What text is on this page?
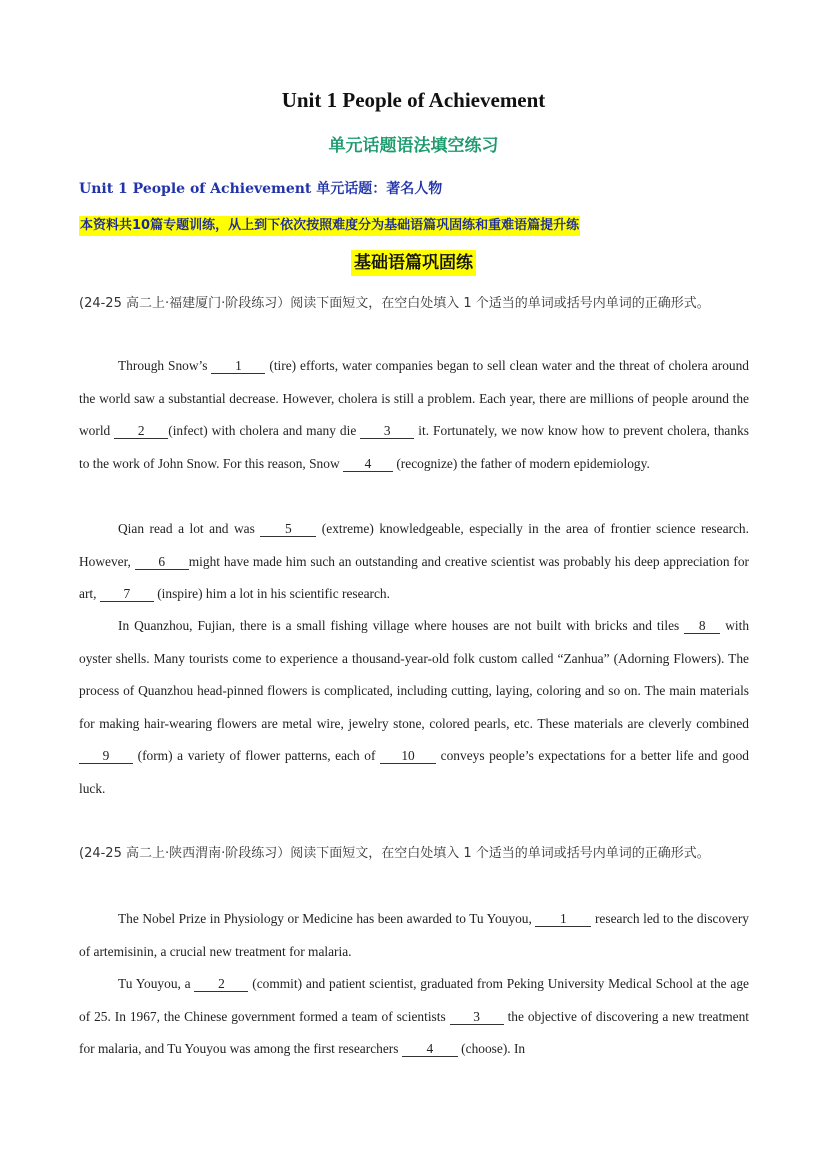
Unit 1 People of Achievement
单元话题语法填空练习
Unit 1 People of Achievement 单元话题：著名人物
本资料共10篇专题训练，从上到下依次按照难度分为基础语篇巩固练和重难语篇提升练
基础语篇巩固练
(24-25 高二上·福建厦门·阶段练习）阅读下面短文，在空白处填入 1 个适当的单词或括号内单词的正确形式。
Through Snow’s 1 (tire) efforts, water companies began to sell clean water and the threat of cholera around the world saw a substantial decrease. However, cholera is still a problem. Each year, there are millions of people around the world 2 (infect) with cholera and many die 3 it. Fortunately, we now know how to prevent cholera, thanks to the work of John Snow. For this reason, Snow 4 (recognize) the father of modern epidemiology.
Qian read a lot and was 5 (extreme) knowledgeable, especially in the area of frontier science research. However, 6 might have made him such an outstanding and creative scientist was probably his deep appreciation for art, 7 (inspire) him a lot in his scientific research.
In Quanzhou, Fujian, there is a small fishing village where houses are not built with bricks and tiles 8 with oyster shells. Many tourists come to experience a thousand-year-old folk custom called “Zanhua” (Adorning Flowers). The process of Quanzhou head-pinned flowers is complicated, including cutting, laying, coloring and so on. The main materials for making hair-wearing flowers are metal wire, jewelry stone, colored pearls, etc. These materials are cleverly combined 9 (form) a variety of flower patterns, each of 10 conveys people’s expectations for a better life and good luck.
(24-25 高二上·陕西渭南·阶段练习）阅读下面短文，在空白处填入 1 个适当的单词或括号内单词的正确形式。
The Nobel Prize in Physiology or Medicine has been awarded to Tu Youyou, 1 research led to the discovery of artemisinin, a crucial new treatment for malaria.
Tu Youyou, a 2 (commit) and patient scientist, graduated from Peking University Medical School at the age of 25. In 1967, the Chinese government formed a team of scientists 3 the objective of discovering a new treatment for malaria, and Tu Youyou was among the first researchers 4 (choose). In
